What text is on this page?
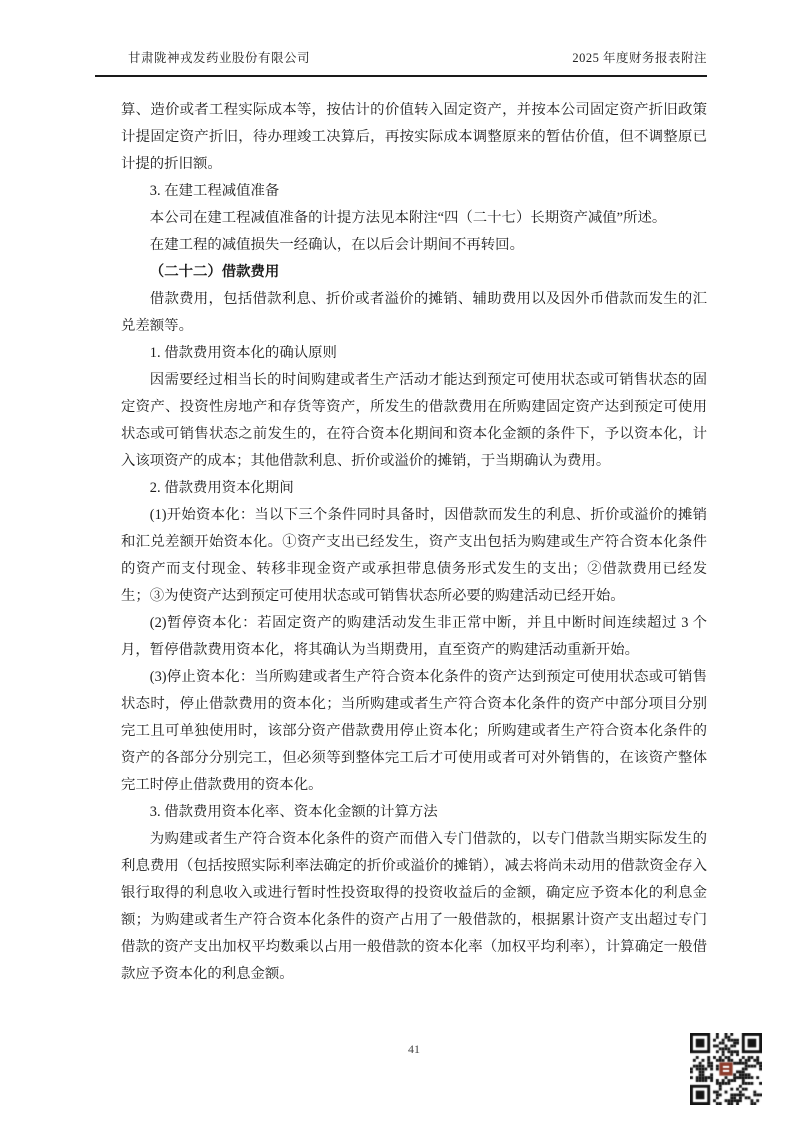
甘肃陇神戎发药业股份有限公司	2025 年度财务报表附注

算、造价或者工程实际成本等，按估计的价值转入固定资产，并按本公司固定资产折旧政策计提固定资产折旧，待办理竣工决算后，再按实际成本调整原来的暂估价值，但不调整原已计提的折旧额。

3. 在建工程减值准备

本公司在建工程减值准备的计提方法见本附注“四（二十七）长期资产减值”所述。

在建工程的减值损失一经确认，在以后会计期间不再转回。

（二十二）借款费用

借款费用，包括借款利息、折价或者溢价的摊销、辅助费用以及因外币借款而发生的汇兑差额等。

1. 借款费用资本化的确认原则

因需要经过相当长的时间购建或者生产活动才能达到预定可使用状态或可销售状态的固定资产、投资性房地产和存货等资产，所发生的借款费用在所购建固定资产达到预定可使用状态或可销售状态之前发生的，在符合资本化期间和资本化金额的条件下，予以资本化，计入该项资产的成本；其他借款利息、折价或溢价的摊销，于当期确认为费用。

2. 借款费用资本化期间

(1)开始资本化：当以下三个条件同时具备时，因借款而发生的利息、折价或溢价的摊销和汇兑差额开始资本化。①资产支出已经发生，资产支出包括为购建或生产符合资本化条件的资产而支付现金、转移非现金资产或承担带息债务形式发生的支出；②借款费用已经发生；③为使资产达到预定可使用状态或可销售状态所必要的购建活动已经开始。

(2)暂停资本化：若固定资产的购建活动发生非正常中断，并且中断时间连续超过 3 个月，暂停借款费用资本化，将其确认为当期费用，直至资产的购建活动重新开始。

(3)停止资本化：当所购建或者生产符合资本化条件的资产达到预定可使用状态或可销售状态时，停止借款费用的资本化；当所购建或者生产符合资本化条件的资产中部分项目分别完工且可单独使用时，该部分资产借款费用停止资本化；所购建或者生产符合资本化条件的资产的各部分分别完工，但必须等到整体完工后才可使用或者可对外销售的，在该资产整体完工时停止借款费用的资本化。

3. 借款费用资本化率、资本化金额的计算方法

为购建或者生产符合资本化条件的资产而借入专门借款的，以专门借款当期实际发生的利息费用（包括按照实际利率法确定的折价或溢价的摊销），减去将尚未动用的借款资金存入银行取得的利息收入或进行暂时性投资取得的投资收益后的金额，确定应予资本化的利息金额；为购建或者生产符合资本化条件的资产占用了一般借款的，根据累计资产支出超过专门借款的资产支出加权平均数乘以占用一般借款的资本化率（加权平均利率），计算确定一般借款应予资本化的利息金额。

41
